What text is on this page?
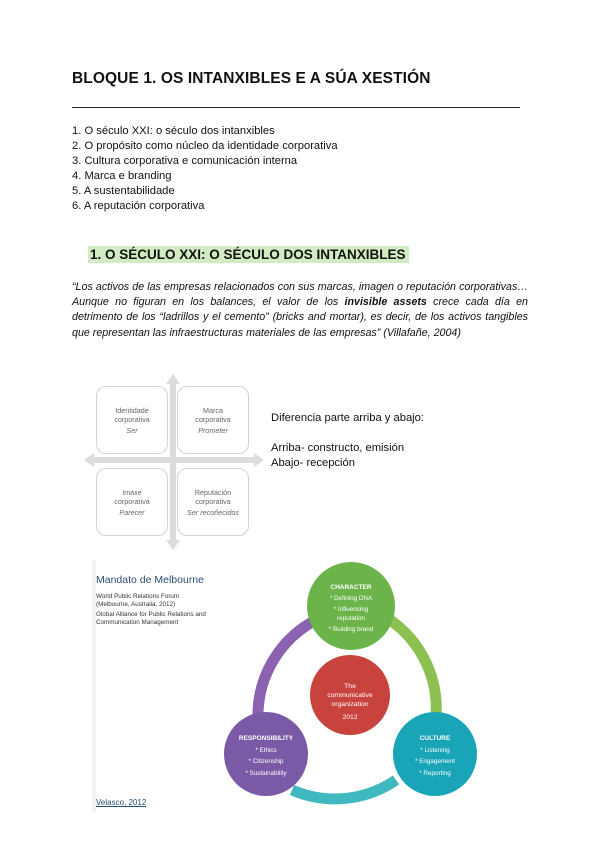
BLOQUE 1. OS INTANXIBLES E A SÚA XESTIÓN
1. O século XXI: o século dos intanxibles
2. O propósito como núcleo da identidade corporativa
3. Cultura corporativa e comunicación interna
4. Marca e branding
5. A sustentabilidade
6. A reputación corporativa
1. O SÉCULO XXI: O SÉCULO DOS INTANXIBLES

“Los activos de las empresas relacionados con sus marcas, imagen o reputación corporativas… Aunque no figuran en los balances, el valor de los invisible assets crece cada día en detrimento de los “ladrillos y el cemento” (bricks and mortar), es decir, de los activos tangibles que representan las infraestructuras materiales de las empresas” (Villafañe, 2004)

Identidade
corporativa
Ser
Marca
corporativa
Prometer
Imaxe
corporativa
Parecer
Reputación
corporativa
Ser recoñecidos
Diferencia parte arriba y abajo:
Arriba- constructo, emisión
Abajo- recepción
Mandato de Melbourne
World Public Relations Forum
(Melbourne, Australia, 2012)
Global Alliance for Public Relations and
Communication Management
Velasco, 2012
CHARACTER
* Defining DNA
* Influencing
reputation
* Building brand
CULTURE
* Listening
* Engagement
* Reporting
RESPONSIBILITY
* Ethics
* Citizenship
* Sustainability
The
communicative
organization
2012
